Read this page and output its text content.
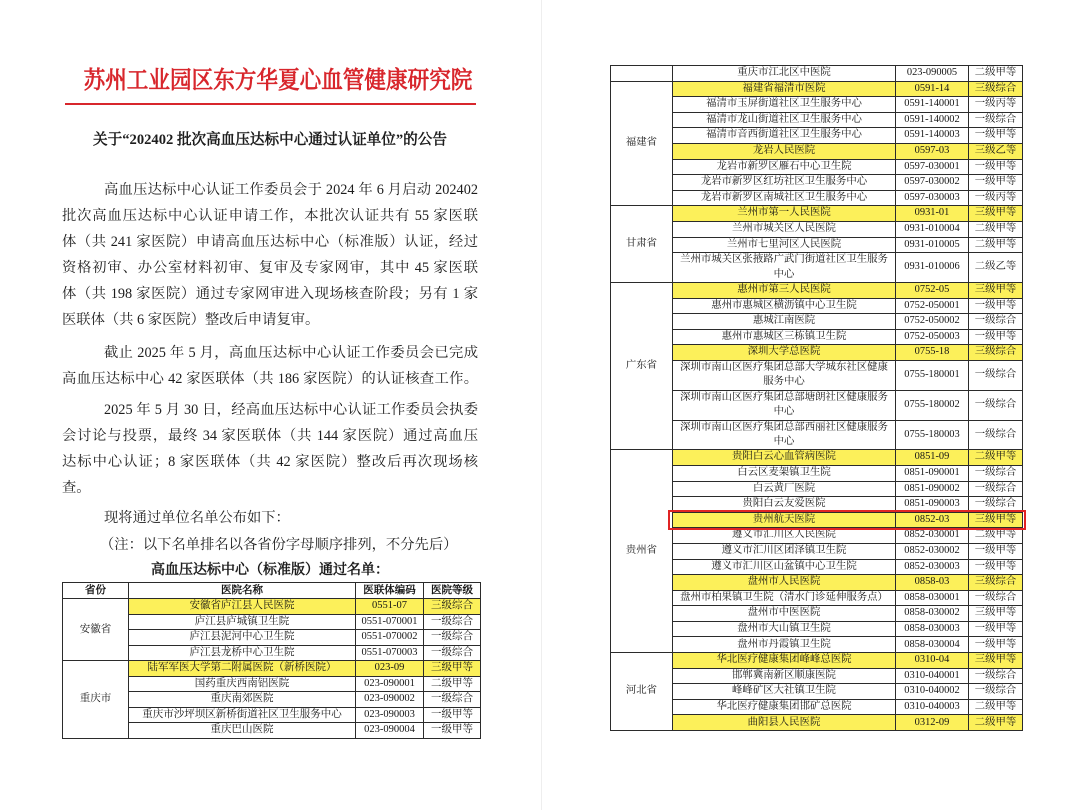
苏州工业园区东方华夏心血管健康研究院
关于“202402 批次高血压达标中心通过认证单位”的公告
高血压达标中心认证工作委员会于 2024 年 6 月启动 202402
批次高血压达标中心认证申请工作，本批次认证共有 55 家医联
体（共 241 家医院）申请高血压达标中心（标准版）认证，经过
资格初审、办公室材料初审、复审及专家网审，其中 45 家医联
体（共 198 家医院）通过专家网审进入现场核查阶段；另有 1 家
医联体（共 6 家医院）整改后申请复审。
截止 2025 年 5 月，高血压达标中心认证工作委员会已完成
高血压达标中心 42 家医联体（共 186 家医院）的认证核查工作。
2025 年 5 月 30 日，经高血压达标中心认证工作委员会执委
会讨论与投票，最终 34 家医联体（共 144 家医院）通过高血压
达标中心认证；8 家医联体（共 42 家医院）整改后再次现场核
查。
现将通过单位名单公布如下：
（注：以下名单排名以各省份字母顺序排列，不分先后）
高血压达标中心（标准版）通过名单：
省份	医院名称	医联体编码	医院等级
安徽省	安徽省庐江县人民医院	0551-07	三级综合
	庐江县庐城镇卫生院	0551-070001	一级综合
	庐江县泥河中心卫生院	0551-070002	一级综合
	庐江县龙桥中心卫生院	0551-070003	一级综合
重庆市	陆军军医大学第二附属医院（新桥医院）	023-09	三级甲等
	国药重庆西南铝医院	023-090001	二级甲等
	重庆南郊医院	023-090002	一级综合
	重庆市沙坪坝区新桥街道社区卫生服务中心	023-090003	一级甲等
	重庆巴山医院	023-090004	一级甲等
	重庆市江北区中医院	023-090005	二级甲等
福建省	福建省福清市医院	0591-14	三级综合
	福清市玉屏街道社区卫生服务中心	0591-140001	一级丙等
	福清市龙山街道社区卫生服务中心	0591-140002	一级综合
	福清市音西街道社区卫生服务中心	0591-140003	一级甲等
	龙岩人民医院	0597-03	三级乙等
	龙岩市新罗区雁石中心卫生院	0597-030001	一级甲等
	龙岩市新罗区红坊社区卫生服务中心	0597-030002	一级甲等
	龙岩市新罗区南城社区卫生服务中心	0597-030003	一级丙等
甘肃省	兰州市第一人民医院	0931-01	三级甲等
	兰州市城关区人民医院	0931-010004	二级甲等
	兰州市七里河区人民医院	0931-010005	二级甲等
	兰州市城关区张掖路广武门街道社区卫生服务中心	0931-010006	二级乙等
广东省	惠州市第三人民医院	0752-05	三级甲等
	惠州市惠城区横沥镇中心卫生院	0752-050001	一级甲等
	惠城江南医院	0752-050002	一级综合
	惠州市惠城区三栋镇卫生院	0752-050003	一级甲等
	深圳大学总医院	0755-18	三级综合
	深圳市南山区医疗集团总部大学城东社区健康服务中心	0755-180001	一级综合
	深圳市南山区医疗集团总部塘朗社区健康服务中心	0755-180002	一级综合
	深圳市南山区医疗集团总部西丽社区健康服务中心	0755-180003	一级综合
贵州省	贵阳白云心血管病医院	0851-09	二级甲等
	白云区麦架镇卫生院	0851-090001	一级综合
	白云黄厂医院	0851-090002	一级综合
	贵阳白云友爱医院	0851-090003	一级综合
	贵州航天医院	0852-03	三级甲等
	遵义市汇川区人民医院	0852-030001	二级甲等
	遵义市汇川区团泽镇卫生院	0852-030002	一级甲等
	遵义市汇川区山盆镇中心卫生院	0852-030003	一级甲等
	盘州市人民医院	0858-03	三级综合
	盘州市柏果镇卫生院（清水门诊延伸服务点）	0858-030001	一级综合
	盘州市中医医院	0858-030002	三级甲等
	盘州市大山镇卫生院	0858-030003	一级甲等
	盘州市丹霞镇卫生院	0858-030004	一级甲等
河北省	华北医疗健康集团峰峰总医院	0310-04	三级甲等
	邯郸冀南新区顺康医院	0310-040001	一级综合
	峰峰矿区大社镇卫生院	0310-040002	一级综合
	华北医疗健康集团邯矿总医院	0310-040003	二级甲等
	曲阳县人民医院	0312-09	二级甲等
